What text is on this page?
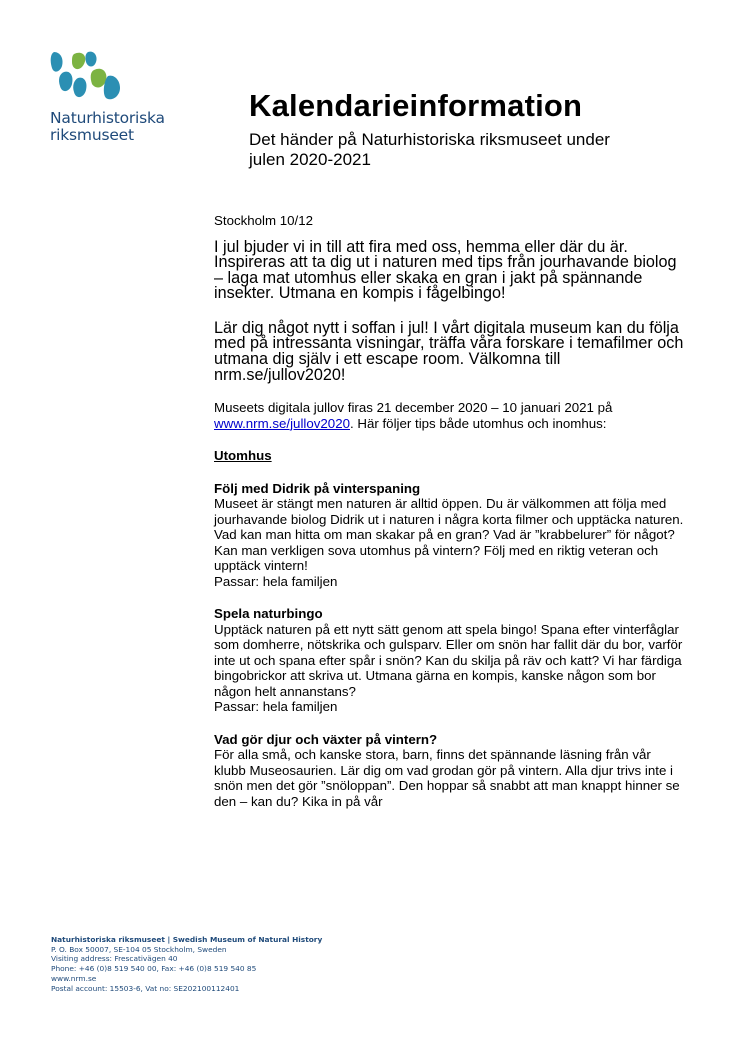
Naturhistoriska
riksmuseet
Kalendarieinformation
Det händer på Naturhistoriska riksmuseet under julen 2020-2021

Stockholm 10/12

I jul bjuder vi in till att fira med oss, hemma eller där du är. Inspireras att ta dig ut i naturen med tips från jourhavande biolog – laga mat utomhus eller skaka en gran i jakt på spännande insekter. Utmana en kompis i fågelbingo!

Lär dig något nytt i soffan i jul! I vårt digitala museum kan du följa med på intressanta visningar, träffa våra forskare i temafilmer och utmana dig själv i ett escape room. Välkomna till nrm.se/jullov2020!

Museets digitala jullov firas 21 december 2020 – 10 januari 2021 på www.nrm.se/jullov2020. Här följer tips både utomhus och inomhus:

Utomhus

Följ med Didrik på vinterspaning

Museet är stängt men naturen är alltid öppen. Du är välkommen att följa med jourhavande biolog Didrik ut i naturen i några korta filmer och upptäcka naturen. Vad kan man hitta om man skakar på en gran? Vad är ”krabbelurer” för något? Kan man verkligen sova utomhus på vintern? Följ med en riktig veteran och upptäck vintern!

Passar: hela familjen

Spela naturbingo

Upptäck naturen på ett nytt sätt genom att spela bingo! Spana efter vinterfåglar som domherre, nötskrika och gulsparv. Eller om snön har fallit där du bor, varför inte ut och spana efter spår i snön? Kan du skilja på räv och katt? Vi har färdiga bingobrickor att skriva ut. Utmana gärna en kompis, kanske någon som bor någon helt annanstans?

Passar: hela familjen

Vad gör djur och växter på vintern?

För alla små, och kanske stora, barn, finns det spännande läsning från vår klubb Museosaurien. Lär dig om vad grodan gör på vintern. Alla djur trivs inte i snön men det gör ”snöloppan”. Den hoppar så snabbt att man knappt hinner se den – kan du? Kika in på vår

Naturhistoriska riksmuseet | Swedish Museum of Natural History
P. O. Box 50007, SE-104 05 Stockholm, Sweden
Visiting address: Frescativägen 40
Phone: +46 (0)8 519 540 00, Fax: +46 (0)8 519 540 85
www.nrm.se
Postal account: 15503-6, Vat no: SE202100112401
